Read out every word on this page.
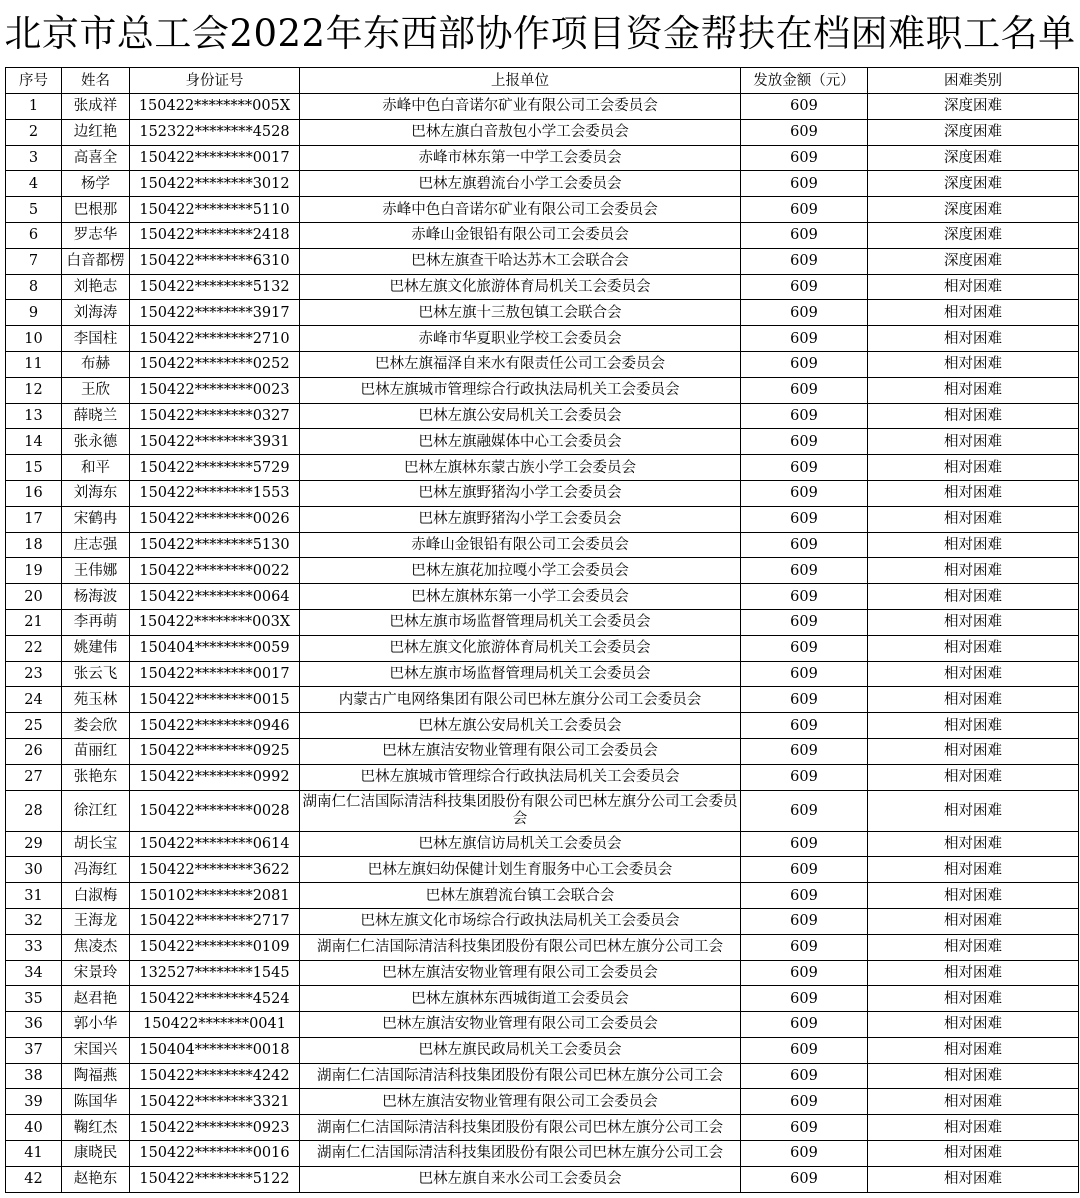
北京市总工会2022年东西部协作项目资金帮扶在档困难职工名单
序号	姓名	身份证号	上报单位	发放金额（元）	困难类别
1	张成祥	150422********005X	赤峰中色白音诺尔矿业有限公司工会委员会	609	深度困难
2	边红艳	152322********4528	巴林左旗白音敖包小学工会委员会	609	深度困难
3	高喜全	150422********0017	赤峰市林东第一中学工会委员会	609	深度困难
4	杨学	150422********3012	巴林左旗碧流台小学工会委员会	609	深度困难
5	巴根那	150422********5110	赤峰中色白音诺尔矿业有限公司工会委员会	609	深度困难
6	罗志华	150422********2418	赤峰山金银铅有限公司工会委员会	609	深度困难
7	白音都楞	150422********6310	巴林左旗查干哈达苏木工会联合会	609	深度困难
8	刘艳志	150422********5132	巴林左旗文化旅游体育局机关工会委员会	609	相对困难
9	刘海涛	150422********3917	巴林左旗十三敖包镇工会联合会	609	相对困难
10	李国柱	150422********2710	赤峰市华夏职业学校工会委员会	609	相对困难
11	布赫	150422********0252	巴林左旗福泽自来水有限责任公司工会委员会	609	相对困难
12	王欣	150422********0023	巴林左旗城市管理综合行政执法局机关工会委员会	609	相对困难
13	薛晓兰	150422********0327	巴林左旗公安局机关工会委员会	609	相对困难
14	张永德	150422********3931	巴林左旗融媒体中心工会委员会	609	相对困难
15	和平	150422********5729	巴林左旗林东蒙古族小学工会委员会	609	相对困难
16	刘海东	150422********1553	巴林左旗野猪沟小学工会委员会	609	相对困难
17	宋鹤冉	150422********0026	巴林左旗野猪沟小学工会委员会	609	相对困难
18	庄志强	150422********5130	赤峰山金银铅有限公司工会委员会	609	相对困难
19	王伟娜	150422********0022	巴林左旗花加拉嘎小学工会委员会	609	相对困难
20	杨海波	150422********0064	巴林左旗林东第一小学工会委员会	609	相对困难
21	李再萌	150422********003X	巴林左旗市场监督管理局机关工会委员会	609	相对困难
22	姚建伟	150404********0059	巴林左旗文化旅游体育局机关工会委员会	609	相对困难
23	张云飞	150422********0017	巴林左旗市场监督管理局机关工会委员会	609	相对困难
24	苑玉林	150422********0015	内蒙古广电网络集团有限公司巴林左旗分公司工会委员会	609	相对困难
25	娄会欣	150422********0946	巴林左旗公安局机关工会委员会	609	相对困难
26	苗丽红	150422********0925	巴林左旗洁安物业管理有限公司工会委员会	609	相对困难
27	张艳东	150422********0992	巴林左旗城市管理综合行政执法局机关工会委员会	609	相对困难
28	徐江红	150422********0028	湖南仁仁洁国际清洁科技集团股份有限公司巴林左旗分公司工会委员会	609	相对困难
29	胡长宝	150422********0614	巴林左旗信访局机关工会委员会	609	相对困难
30	冯海红	150422********3622	巴林左旗妇幼保健计划生育服务中心工会委员会	609	相对困难
31	白淑梅	150102********2081	巴林左旗碧流台镇工会联合会	609	相对困难
32	王海龙	150422********2717	巴林左旗文化市场综合行政执法局机关工会委员会	609	相对困难
33	焦凌杰	150422********0109	湖南仁仁洁国际清洁科技集团股份有限公司巴林左旗分公司工会	609	相对困难
34	宋景玲	132527********1545	巴林左旗洁安物业管理有限公司工会委员会	609	相对困难
35	赵君艳	150422********4524	巴林左旗林东西城街道工会委员会	609	相对困难
36	郭小华	150422*******0041	巴林左旗洁安物业管理有限公司工会委员会	609	相对困难
37	宋国兴	150404********0018	巴林左旗民政局机关工会委员会	609	相对困难
38	陶福燕	150422********4242	湖南仁仁洁国际清洁科技集团股份有限公司巴林左旗分公司工会	609	相对困难
39	陈国华	150422********3321	巴林左旗洁安物业管理有限公司工会委员会	609	相对困难
40	鞠红杰	150422********0923	湖南仁仁洁国际清洁科技集团股份有限公司巴林左旗分公司工会	609	相对困难
41	康晓民	150422********0016	湖南仁仁洁国际清洁科技集团股份有限公司巴林左旗分公司工会	609	相对困难
42	赵艳东	150422********5122	巴林左旗自来水公司工会委员会	609	相对困难
